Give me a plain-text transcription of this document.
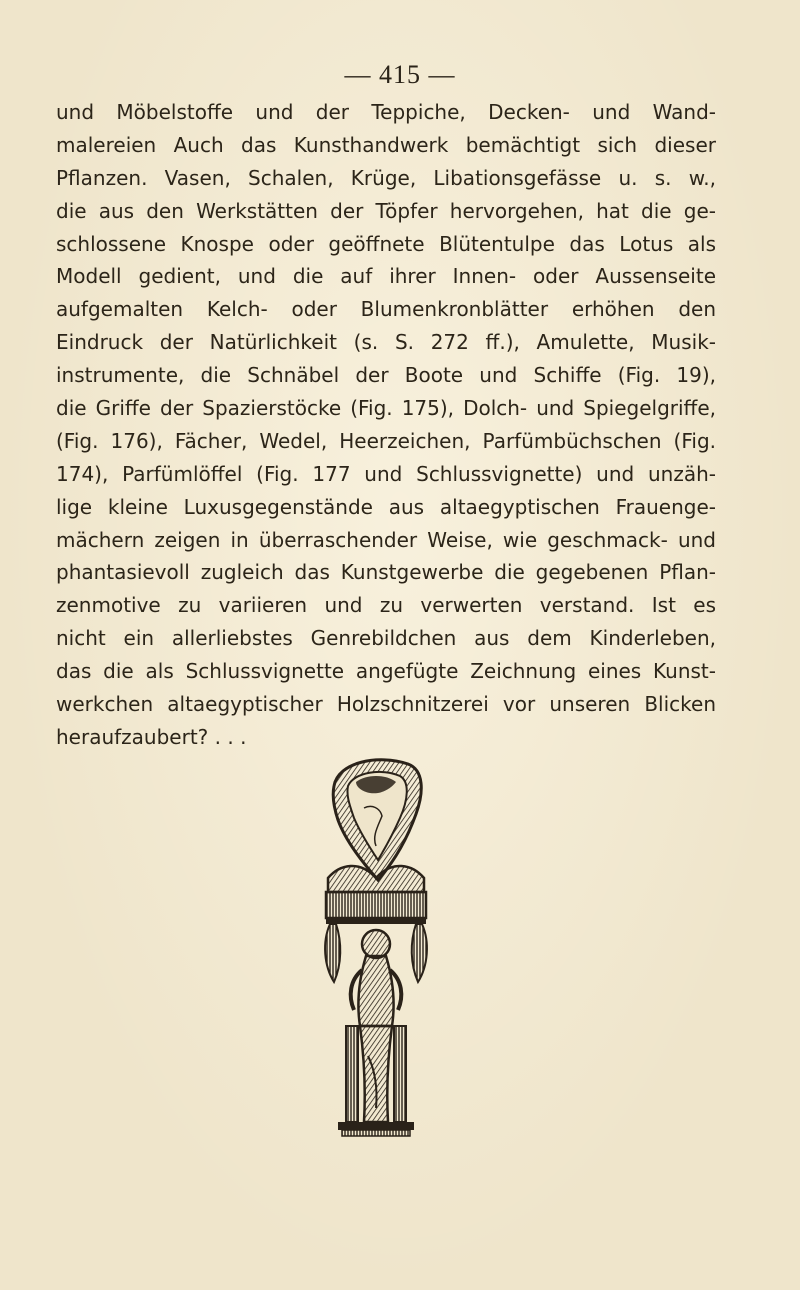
— 415 —
und Möbelstoffe und der Teppiche, Decken- und Wand-
malereien Auch das Kunsthandwerk bemächtigt sich dieser
Pflanzen. Vasen, Schalen, Krüge, Libationsgefässe u. s. w.,
die aus den Werkstätten der Töpfer hervorgehen, hat die ge-
schlossene Knospe oder geöffnete Blütentulpe das Lotus als
Modell gedient, und die auf ihrer Innen- oder Aussenseite
aufgemalten Kelch- oder Blumenkronblätter erhöhen den
Eindruck der Natürlichkeit (s. S. 272 ff.), Amulette, Musik-
instrumente, die Schnäbel der Boote und Schiffe (Fig. 19),
die Griffe der Spazierstöcke (Fig. 175), Dolch- und Spiegelgriffe,
(Fig. 176), Fächer, Wedel, Heerzeichen, Parfümbüchschen (Fig.
174), Parfümlöffel (Fig. 177 und Schlussvignette) und unzäh-
lige kleine Luxusgegenstände aus altaegyptischen Frauenge-
mächern zeigen in überraschender Weise, wie geschmack- und
phantasievoll zugleich das Kunstgewerbe die gegebenen Pflan-
zenmotive zu variieren und zu verwerten verstand. Ist es
nicht ein allerliebstes Genrebildchen aus dem Kinderleben,
das die als Schlussvignette angefügte Zeichnung eines Kunst-
werkchen altaegyptischer Holzschnitzerei vor unseren Blicken
heraufzaubert? . . .
